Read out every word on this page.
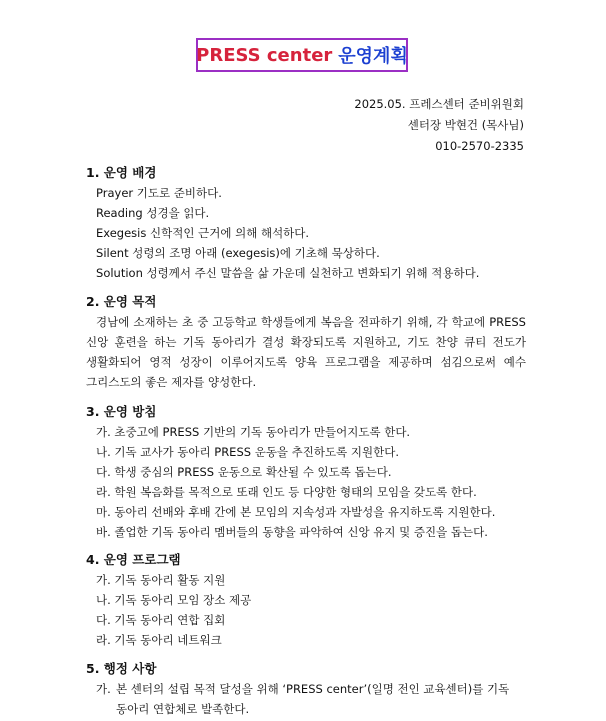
PRESS center 운영계획
2025.05. 프레스센터 준비위원회
센터장 박현건 (목사님)
010-2570-2335
1. 운영 배경
Prayer 기도로 준비하다.
Reading 성경을 읽다.
Exegesis 신학적인 근거에 의해 해석하다.
Silent 성령의 조명 아래 (exegesis)에 기초해 묵상하다.
Solution 성령께서 주신 말씀을 삶 가운데 실천하고 변화되기 위해 적용하다.
2. 운영 목적
경남에 소재하는 초 중 고등학교 학생들에게 복음을 전파하기 위해, 각 학교에 PRESS 신앙 훈련을 하는 기독 동아리가 결성 확장되도록 지원하고, 기도 찬양 큐티 전도가 생활화되어 영적 성장이 이루어지도록 양육 프로그램을 제공하며 섬김으로써 예수 그리스도의 좋은 제자를 양성한다.
3. 운영 방침
가. 초중고에 PRESS 기반의 기독 동아리가 만들어지도록 한다.
나. 기독 교사가 동아리 PRESS 운동을 추진하도록 지원한다.
다. 학생 중심의 PRESS 운동으로 확산될 수 있도록 돕는다.
라. 학원 복음화를 목적으로 또래 인도 등 다양한 형태의 모임을 갖도록 한다.
마. 동아리 선배와 후배 간에 본 모임의 지속성과 자발성을 유지하도록 지원한다.
바. 졸업한 기독 동아리 멤버들의 동향을 파악하여 신앙 유지 및 증진을 돕는다.
4. 운영 프로그램
가. 기독 동아리 활동 지원
나. 기독 동아리 모임 장소 제공
다. 기독 동아리 연합 집회
라. 기독 동아리 네트워크
5. 행정 사항
가. 본 센터의 설립 목적 달성을 위해 ‘PRESS center’(일명 전인 교육센터)를 기독 동아리 연합체로 발족한다.
